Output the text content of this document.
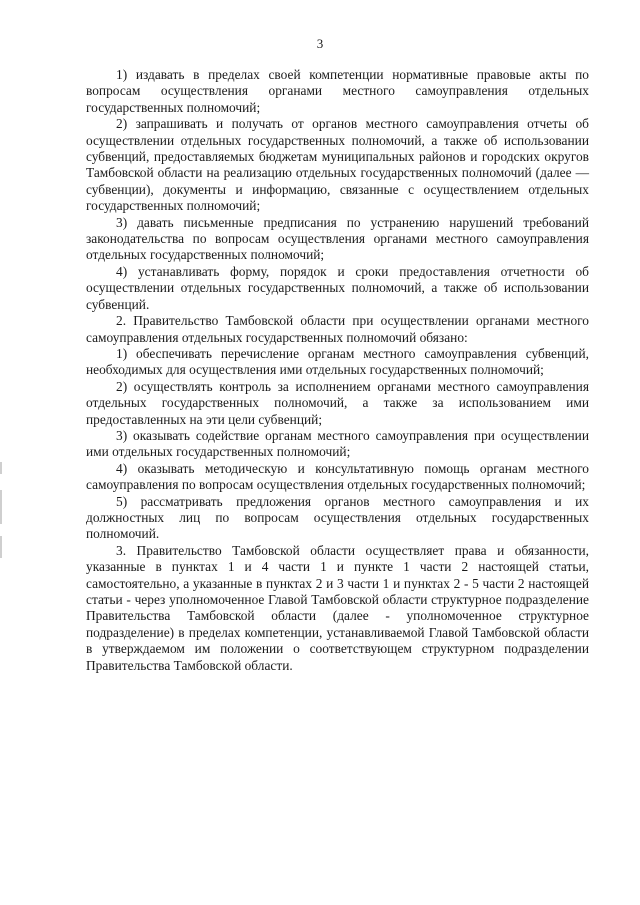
3

1) издавать в пределах своей компетенции нормативные правовые акты по вопросам осуществления органами местного самоуправления отдельных государственных полномочий;

2) запрашивать и получать от органов местного самоуправления отчеты об осуществлении отдельных государственных полномочий, а также об использовании субвенций, предоставляемых бюджетам муниципальных районов и городских округов Тамбовской области на реализацию отдельных государственных полномочий (далее — субвенции), документы и информацию, связанные с осуществлением отдельных государственных полномочий;

3) давать письменные предписания по устранению нарушений требований законодательства по вопросам осуществления органами местного самоуправления отдельных государственных полномочий;

4) устанавливать форму, порядок и сроки предоставления отчетности об осуществлении отдельных государственных полномочий, а также об использовании субвенций.

2. Правительство Тамбовской области при осуществлении органами местного самоуправления отдельных государственных полномочий обязано:

1) обеспечивать перечисление органам местного самоуправления субвенций, необходимых для осуществления ими отдельных государственных полномочий;

2) осуществлять контроль за исполнением органами местного самоуправления отдельных государственных полномочий, а также за использованием ими предоставленных на эти цели субвенций;

3) оказывать содействие органам местного самоуправления при осуществлении ими отдельных государственных полномочий;

4) оказывать методическую и консультативную помощь органам местного самоуправления по вопросам осуществления отдельных государственных полномочий;

5) рассматривать предложения органов местного самоуправления и их должностных лиц по вопросам осуществления отдельных государственных полномочий.

3. Правительство Тамбовской области осуществляет права и обязанности, указанные в пунктах 1 и 4 части 1 и пункте 1 части 2 настоящей статьи, самостоятельно, а указанные в пунктах 2 и 3 части 1 и пунктах 2 - 5 части 2 настоящей статьи - через уполномоченное Главой Тамбовской области структурное подразделение Правительства Тамбовской области (далее - уполномоченное структурное подразделение) в пределах компетенции, устанавливаемой Главой Тамбовской области в утверждаемом им положении о соответствующем структурном подразделении Правительства Тамбовской области.
